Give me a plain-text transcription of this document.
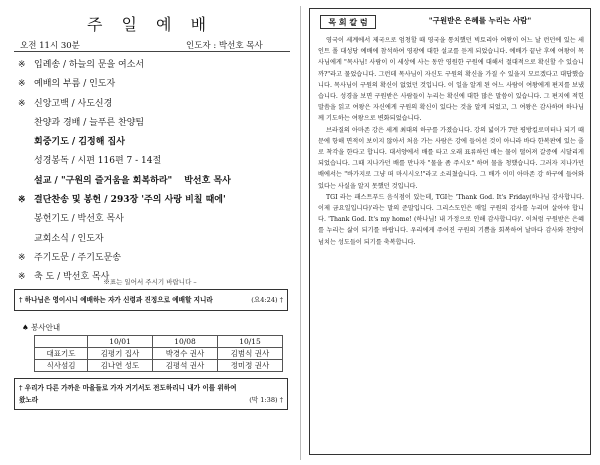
주 일 예 배
오전 11시 30분	인도자 : 박선호 목사
※ 입례송 / 하늘의 문을 여소서
※ 예배의 부름 / 인도자
※ 신앙고백 / 사도신경
찬양과 경배 / 늘푸른 찬양팀
회중기도 / 김정해 집사
성경봉독 / 시편 116편 7 - 14절
설교 / "구원의 즐거움을 회복하라" 박선호 목사
※ 결단찬송 및 봉헌 / 293장 '주의 사랑 비칠 때에'
봉헌기도 / 박선호 목사
교회소식 / 인도자
※ 주기도문 / 주기도문송
※ 축 도 / 박선호 목사
※표는 일어서 주시기 바랍니다 –
† 하나님은 영이시니 예배하는 자가 신령과 진정으로 예배할 지니라	(요4:24) †
♠ 봉사안내
	10/01	10/08	10/15
대표기도	김평기 집사	박경수 권사	김범식 권사
식사섬김	김나연 성도	김평석 권사	정미정 권사
† 우리가 다른 가까운 마을들로 가자 거기서도 전도하리니 내가 이를 위하여
왔노라	(막 1:38) †
목 회 칼 럼	"구원받은 은혜를 누리는 사람"

영국이 세계에서 제국으로 엄청할 때 영국을 통치했던 빅토리아 여왕이 어느 날 런던에 있는 세인트 폴 대성당 예배에 참석하여 영광에 대한 설교를 듣게 되었습니다. 예배가 끝난 후에 여왕이 목사님에게 "목사님! 사람이 이 세상에 사는 동안 영원한 구원에 대해서 절대적으로 확신할 수 있습니까?"라고 물었습니다. 그런데 목사님이 자신도 구원의 확신을 가질 수 있을지 모르겠다고 대답했습니다. 목사님이 구원의 확신이 없었던 것입니다. 이 일을 알게 된 어느 사람이 여왕에게 편지를 보냈습니다. 성경을 보면 구원받은 사람들이 누리는 확신에 대한 많은 말씀이 있습니다. 그 편지에 적힌 말씀을 읽고 여왕은 자신에게 구원의 확신이 있다는 것을 알게 되었고, 그 여왕은 감사하며 하나님께 기도하는 여왕으로 변화되었습니다.

브라질의 아마존 강은 세계 최대의 하구를 가졌습니다. 강의 넓이가 7만 평방킬로미터나 되기 때문에 항해 면적이 보이지 않아서 처음 가는 사람은 강에 들어선 것이 아니라 바다 한복판에 있는 줄로 착각을 한다고 합니다. 대서양에서 배를 타고 오래 표류하던 배는 물이 떨어져 갈증에 시달리게 되었습니다. 그때 지나가던 배를 만나자 "물을 좀 주시오" 하며 물을 청했습니다. 그러자 지나가던 배에서는 "바가지로 그냥 떠 마시시오!"라고 소리쳤습니다. 그 배가 이미 아마존 강 하구에 들어와 있다는 사실을 알지 못했던 것입니다.

TGI 라는 패스트푸드 음식점이 있는데, TGI는 'Thank God. It's Friday(하나님 감사합니다. 이제 금요일입니다)'라는 말의 준말입니다. 그리스도인은 매일 구원의 감사를 누리며 살아야 합니다. 'Thank God. It's my home! (하나님! 내 가정으로 인해 감사합니다)'. 이처럼 구원받은 은혜를 누리는 삶이 되기를 바랍니다. 우리에게 주어진 구원의 기쁨을 회복하여 날마다 감사와 찬양이 넘치는 성도들이 되기를 축복합니다.
